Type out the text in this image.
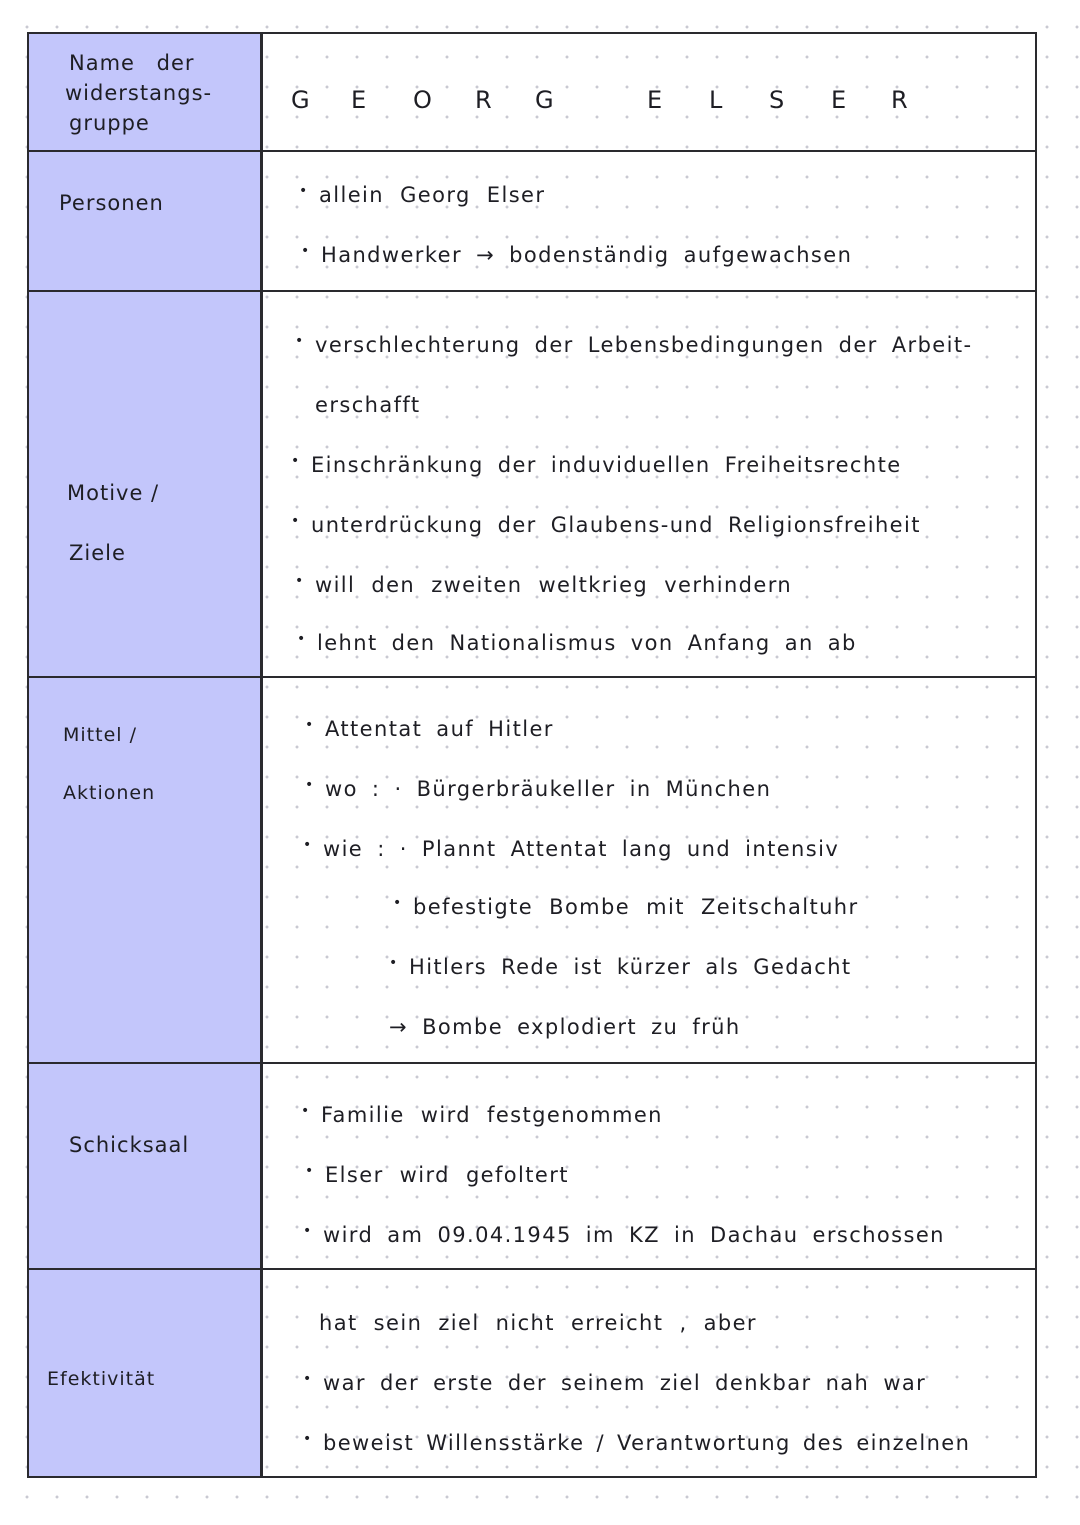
Name der
widerstangs-
gruppe
G E O R G	E L S E R
Personen
•	allein Georg Elser
• Handwerker → bodenständig aufgewachsen
Motive /
Ziele
• verschlechterung der Lebensbedingungen der Arbeit-
erschafft
• Einschränkung der induviduellen Freiheitsrechte
• unterdrückung der Glaubens-und Religionsfreiheit
• will den zweiten weltkrieg verhindern
• lehnt den Nationalismus von Anfang an ab
Mittel /
Aktionen
• Attentat auf Hitler
• wo : · Bürgerbräukeller in München
• wie : · Plannt Attentat lang und intensiv
• befestigte Bombe mit Zeitschaltuhr
• Hitlers Rede ist kürzer als Gedacht
→ Bombe explodiert zu früh
Schicksaal
• Familie wird festgenommen
• Elser wird gefoltert
• wird am 09.04.1945 im KZ in Dachau erschossen
Efektivität
hat sein ziel nicht erreicht , aber
• war der erste der seinem ziel denkbar nah war
• beweist Willensstärke / Verantwortung des einzelnen
